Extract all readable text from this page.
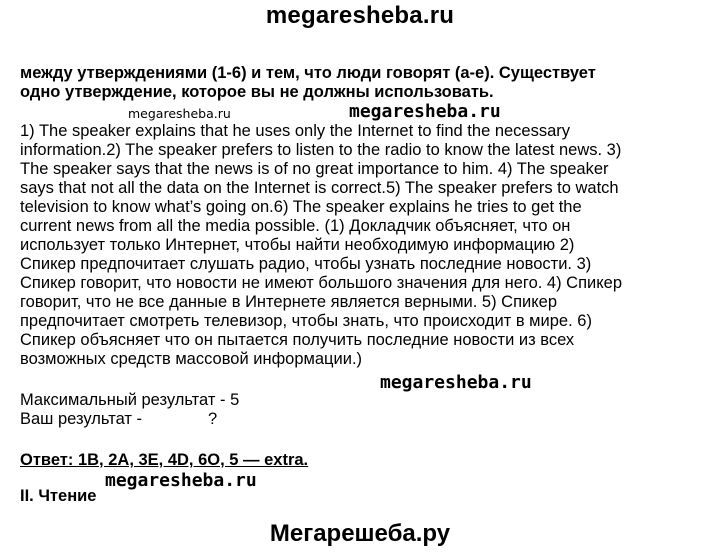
megaresheba.ru
между утверждениями (1-6) и тем, что люди говорят (а-е). Существует
одно утверждение, которое вы не должны использовать.
megaresheba.ru	megaresheba.ru
1) The speaker explains that he uses only the Internet to find the necessary
information.2) The speaker prefers to listen to the radio to know the latest news. 3)
The speaker says that the news is of no great importance to him. 4) The speaker
says that not all the data on the Internet is correct.5) The speaker prefers to watch
television to know what’s going on.6) The speaker explains he tries to get the
current news from all the media possible. (1) Докладчик объясняет, что он
использует только Интернет, чтобы найти необходимую информацию 2)
Спикер предпочитает слушать радио, чтобы узнать последние новости. 3)
Спикер говорит, что новости не имеют большого значения для него. 4) Спикер
говорит, что не все данные в Интернете является верными. 5) Спикер
предпочитает смотреть телевизор, чтобы знать, что происходит в мире. 6)
Спикер объясняет что он пытается получить последние новости из всех
возможных средств массовой информации.)
megaresheba.ru
Максимальный результат - 5
Ваш результат -	?
Ответ: 1B, 2A, 3E, 4D, 6O, 5 — extra.
megaresheba.ru
II. Чтение
Мегарешеба.ру
